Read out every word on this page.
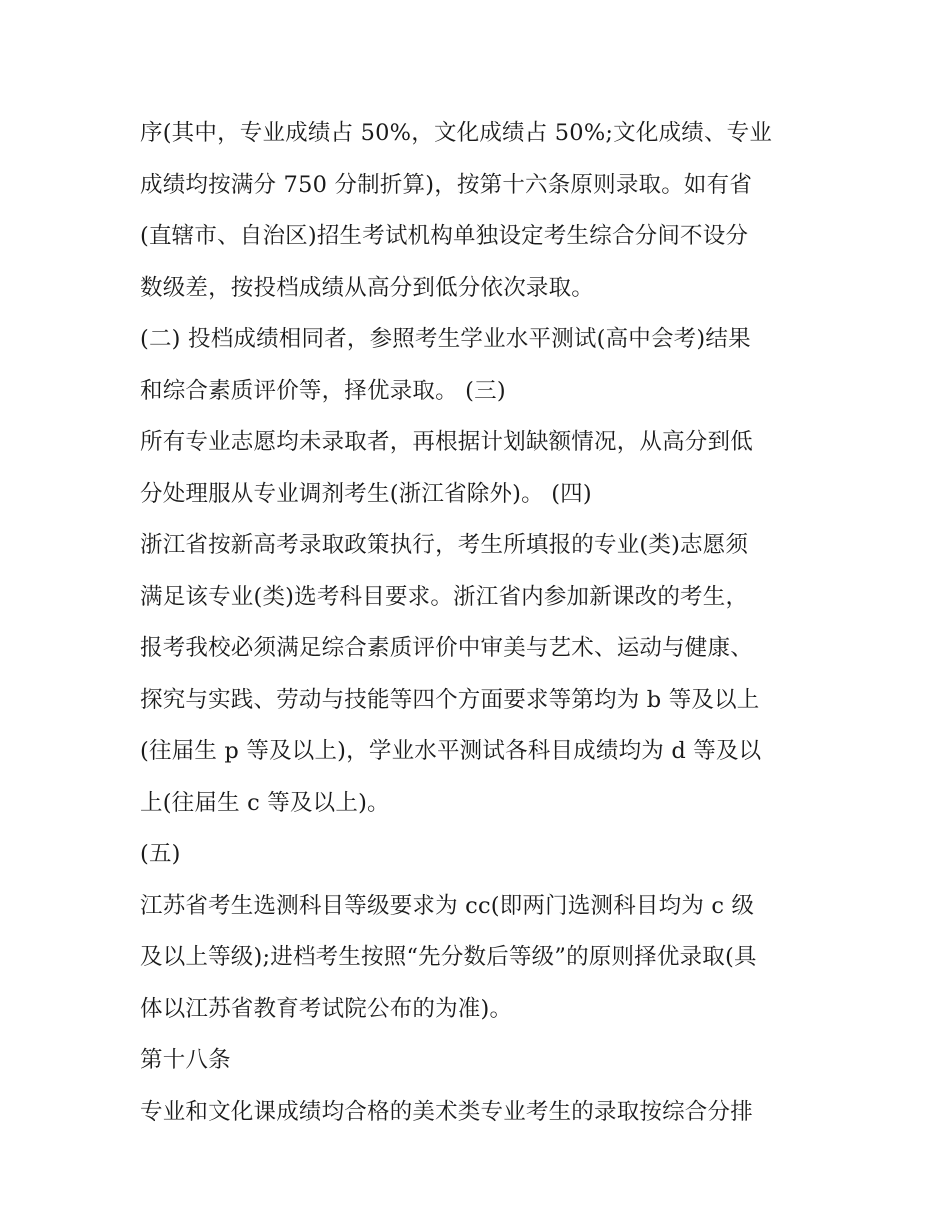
序(其中，专业成绩占 50%，文化成绩占 50%;文化成绩、专业
成绩均按满分 750 分制折算)，按第十六条原则录取。如有省
(直辖市、自治区)招生考试机构单独设定考生综合分间不设分
数级差，按投档成绩从高分到低分依次录取。
(二) 投档成绩相同者，参照考生学业水平测试(高中会考)结果
和综合素质评价等，择优录取。 (三)
所有专业志愿均未录取者，再根据计划缺额情况，从高分到低
分处理服从专业调剂考生(浙江省除外)。 (四)
浙江省按新高考录取政策执行，考生所填报的专业(类)志愿须
满足该专业(类)选考科目要求。浙江省内参加新课改的考生，
报考我校必须满足综合素质评价中审美与艺术、运动与健康、
探究与实践、劳动与技能等四个方面要求等第均为 b 等及以上
(往届生 p 等及以上)，学业水平测试各科目成绩均为 d 等及以
上(往届生 c 等及以上)。
(五)
江苏省考生选测科目等级要求为 cc(即两门选测科目均为 c 级
及以上等级);进档考生按照“先分数后等级”的原则择优录取(具
体以江苏省教育考试院公布的为准)。
第十八条
专业和文化课成绩均合格的美术类专业考生的录取按综合分排
